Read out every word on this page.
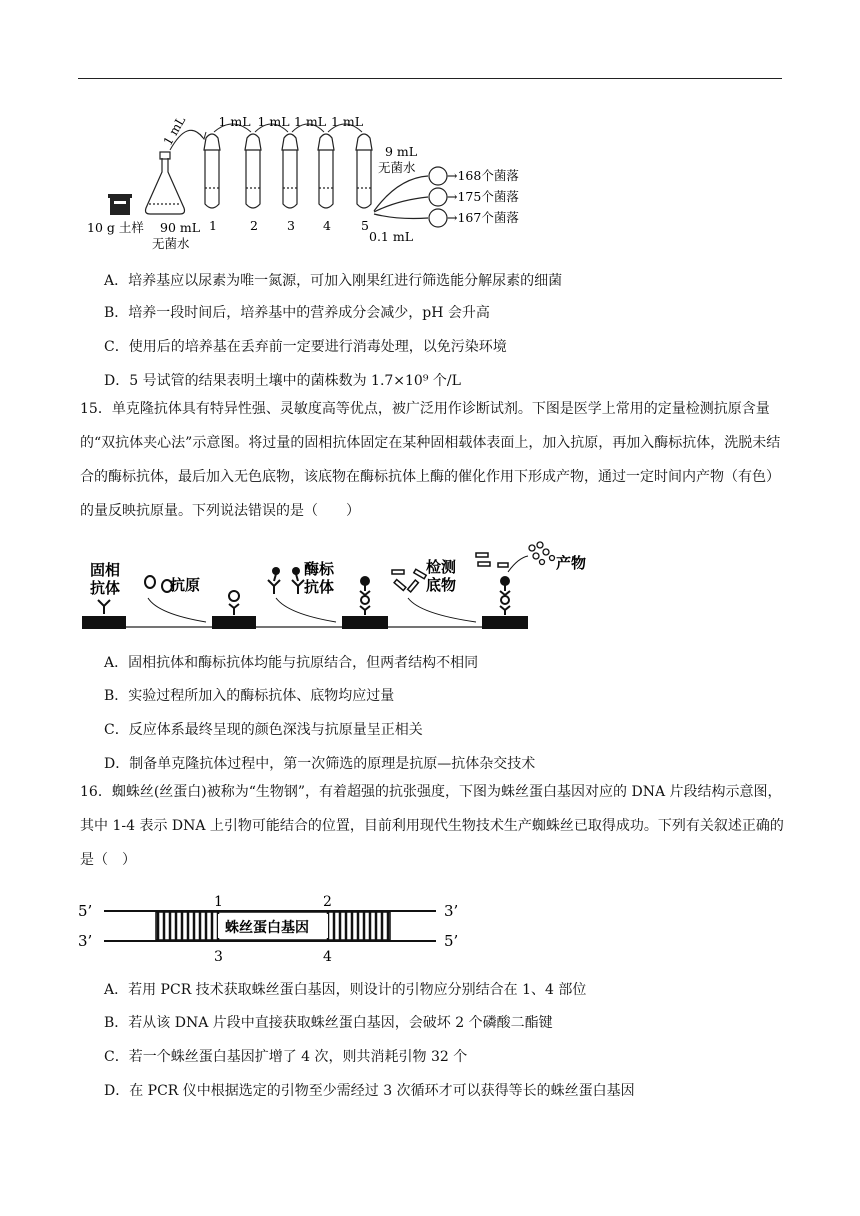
1 mL
1
1 mL
2
1 mL
3
1 mL
4
1 mL
5
10 g 土样 90 mL
无菌水
9 mL
无菌水
0.1 mL
→168个菌落
→175个菌落
→167个菌落
A．培养基应以尿素为唯一氮源，可加入刚果红进行筛选能分解尿素的细菌
B．培养一段时间后，培养基中的营养成分会减少，pH 会升高
C．使用后的培养基在丢弃前一定要进行消毒处理，以免污染环境
D．5 号试管的结果表明土壤中的菌株数为 1.7×10⁹ 个/L
15．单克隆抗体具有特异性强、灵敏度高等优点，被广泛用作诊断试剂。下图是医学上常用的定量检测抗原含量的“双抗体夹心法”示意图。将过量的固相抗体固定在某种固相载体表面上，加入抗原，再加入酶标抗体，洗脱未结合的酶标抗体，最后加入无色底物，该底物在酶标抗体上酶的催化作用下形成产物，通过一定时间内产物（有色）的量反映抗原量。下列说法错误的是（　　）
固相
抗体	抗原
酶标
抗体
检测
底物
产物
A．固相抗体和酶标抗体均能与抗原结合，但两者结构不相同
B．实验过程所加入的酶标抗体、底物均应过量
C．反应体系最终呈现的颜色深浅与抗原量呈正相关
D．制备单克隆抗体过程中，第一次筛选的原理是抗原—抗体杂交技术
16．蜘蛛丝(丝蛋白)被称为“生物钢”，有着超强的抗张强度，下图为蛛丝蛋白基因对应的 DNA 片段结构示意图，其中 1-4 表示 DNA 上引物可能结合的位置，目前利用现代生物技术生产蜘蛛丝已取得成功。下列有关叙述正确的是（　）
5’
3’
3’
5’
蛛丝蛋白基因
1	2
3	4
A．若用 PCR 技术获取蛛丝蛋白基因，则设计的引物应分别结合在 1、4 部位
B．若从该 DNA 片段中直接获取蛛丝蛋白基因，会破坏 2 个磷酸二酯键
C．若一个蛛丝蛋白基因扩增了 4 次，则共消耗引物 32 个
D．在 PCR 仪中根据选定的引物至少需经过 3 次循环才可以获得等长的蛛丝蛋白基因
